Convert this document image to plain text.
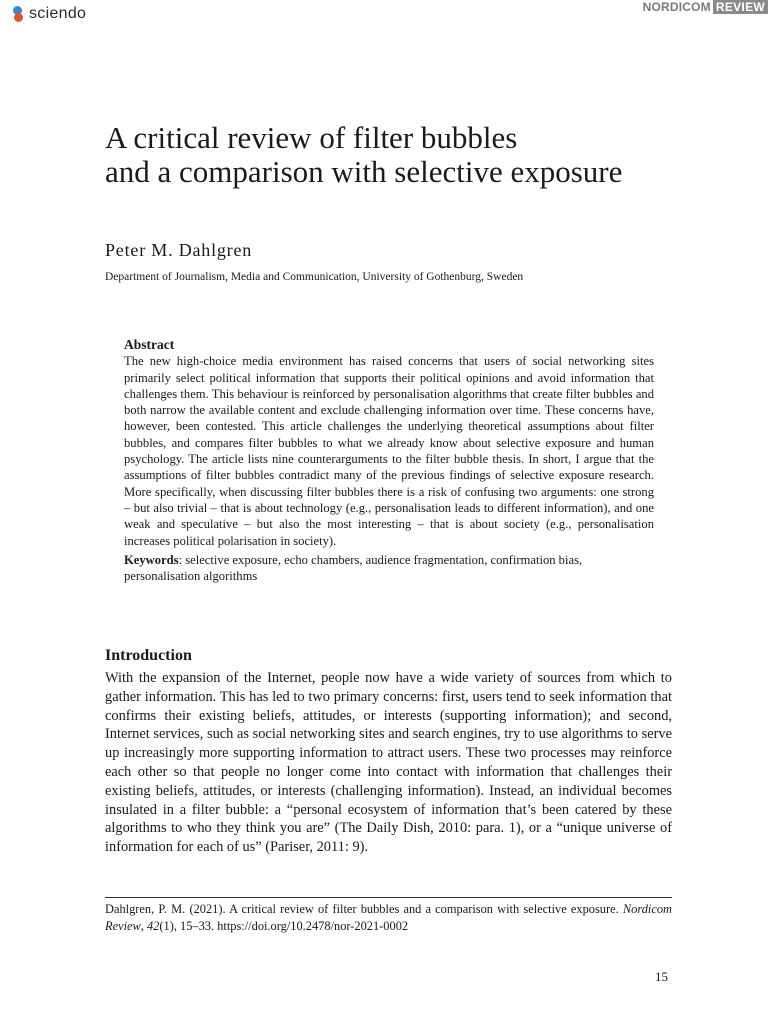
sciendo	NORDICOM REVIEW
A critical review of filter bubbles
and a comparison with selective exposure

Peter M. Dahlgren

Department of Journalism, Media and Communication, University of Gothenburg, Sweden

Abstract

The new high-choice media environment has raised concerns that users of social networking sites primarily select political information that supports their political opinions and avoid information that challenges them. This behaviour is reinforced by personalisation algorithms that create filter bubbles and both narrow the available content and exclude challenging information over time. These concerns have, however, been contested. This article challenges the underlying theoretical assumptions about filter bubbles, and compares filter bubbles to what we already know about selective exposure and human psychology. The article lists nine counterarguments to the filter bubble thesis. In short, I argue that the assumptions of filter bubbles contradict many of the previous findings of selective exposure research. More specifically, when discussing filter bubbles there is a risk of confusing two arguments: one strong – but also trivial – that is about technology (e.g., personalisation leads to different information), and one weak and speculative – but also the most interesting – that is about society (e.g., personalisation increases political polarisation in society).

Keywords: selective exposure, echo chambers, audience fragmentation, confirmation bias, personalisation algorithms

Introduction

With the expansion of the Internet, people now have a wide variety of sources from which to gather information. This has led to two primary concerns: first, users tend to seek information that confirms their existing beliefs, attitudes, or interests (supporting information); and second, Internet services, such as social networking sites and search engines, try to use algorithms to serve up increasingly more supporting information to attract users. These two processes may reinforce each other so that people no longer come into contact with information that challenges their existing beliefs, attitudes, or interests (challenging information). Instead, an individual becomes insulated in a filter bubble: a “personal ecosystem of information that’s been catered by these algorithms to who they think you are” (The Daily Dish, 2010: para. 1), or a “unique universe of information for each of us” (Pariser, 2011: 9).

Dahlgren, P. M. (2021). A critical review of filter bubbles and a comparison with selective exposure. Nordicom Review, 42(1), 15–33. https://doi.org/10.2478/nor-2021-0002

15
